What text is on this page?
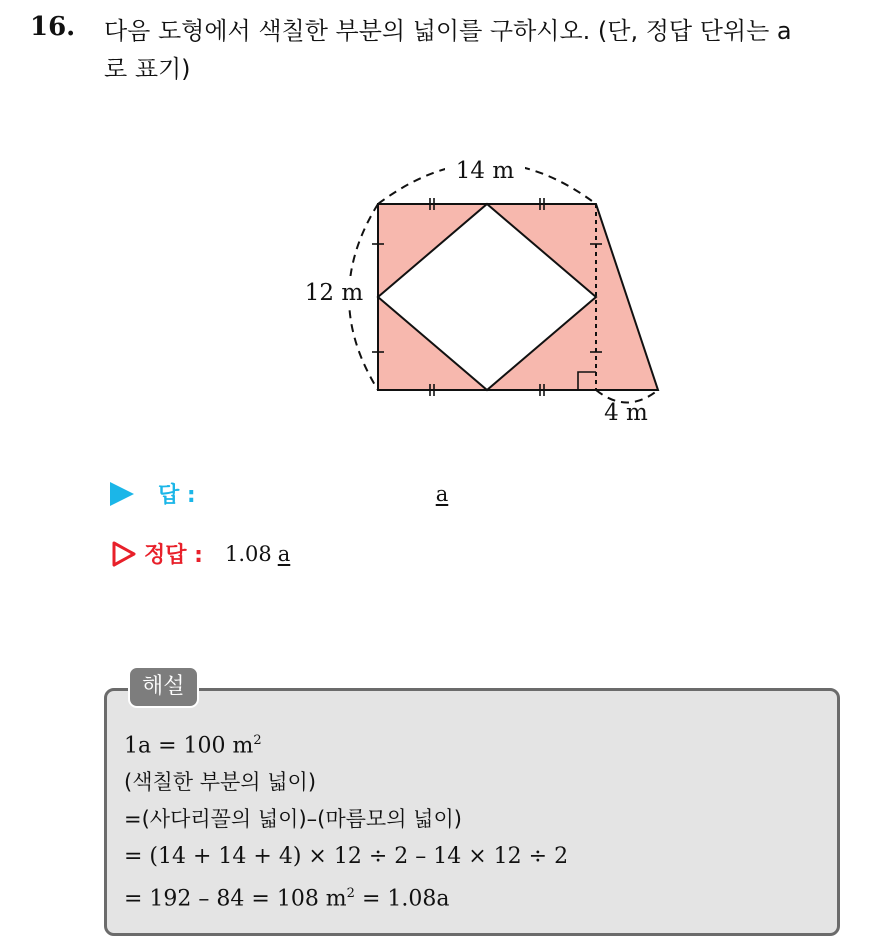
16. 다음 도형에서 색칠한 부분의 넓이를 구하시오. (단, 정답 단위는 a
로 표기)
14 m
12 m
4 m
답 :	a
정답 : 1.08 a
해설
1a = 100 $m^2$
(색칠한 부분의 넓이)
=(사다리꼴의 넓이)–(마름모의 넓이)
= (14 + 14 + 4) × 12 ÷ 2 – 14 × 12 ÷ 2
= 192 – 84 = 108 $m^2 = 1.08a$
